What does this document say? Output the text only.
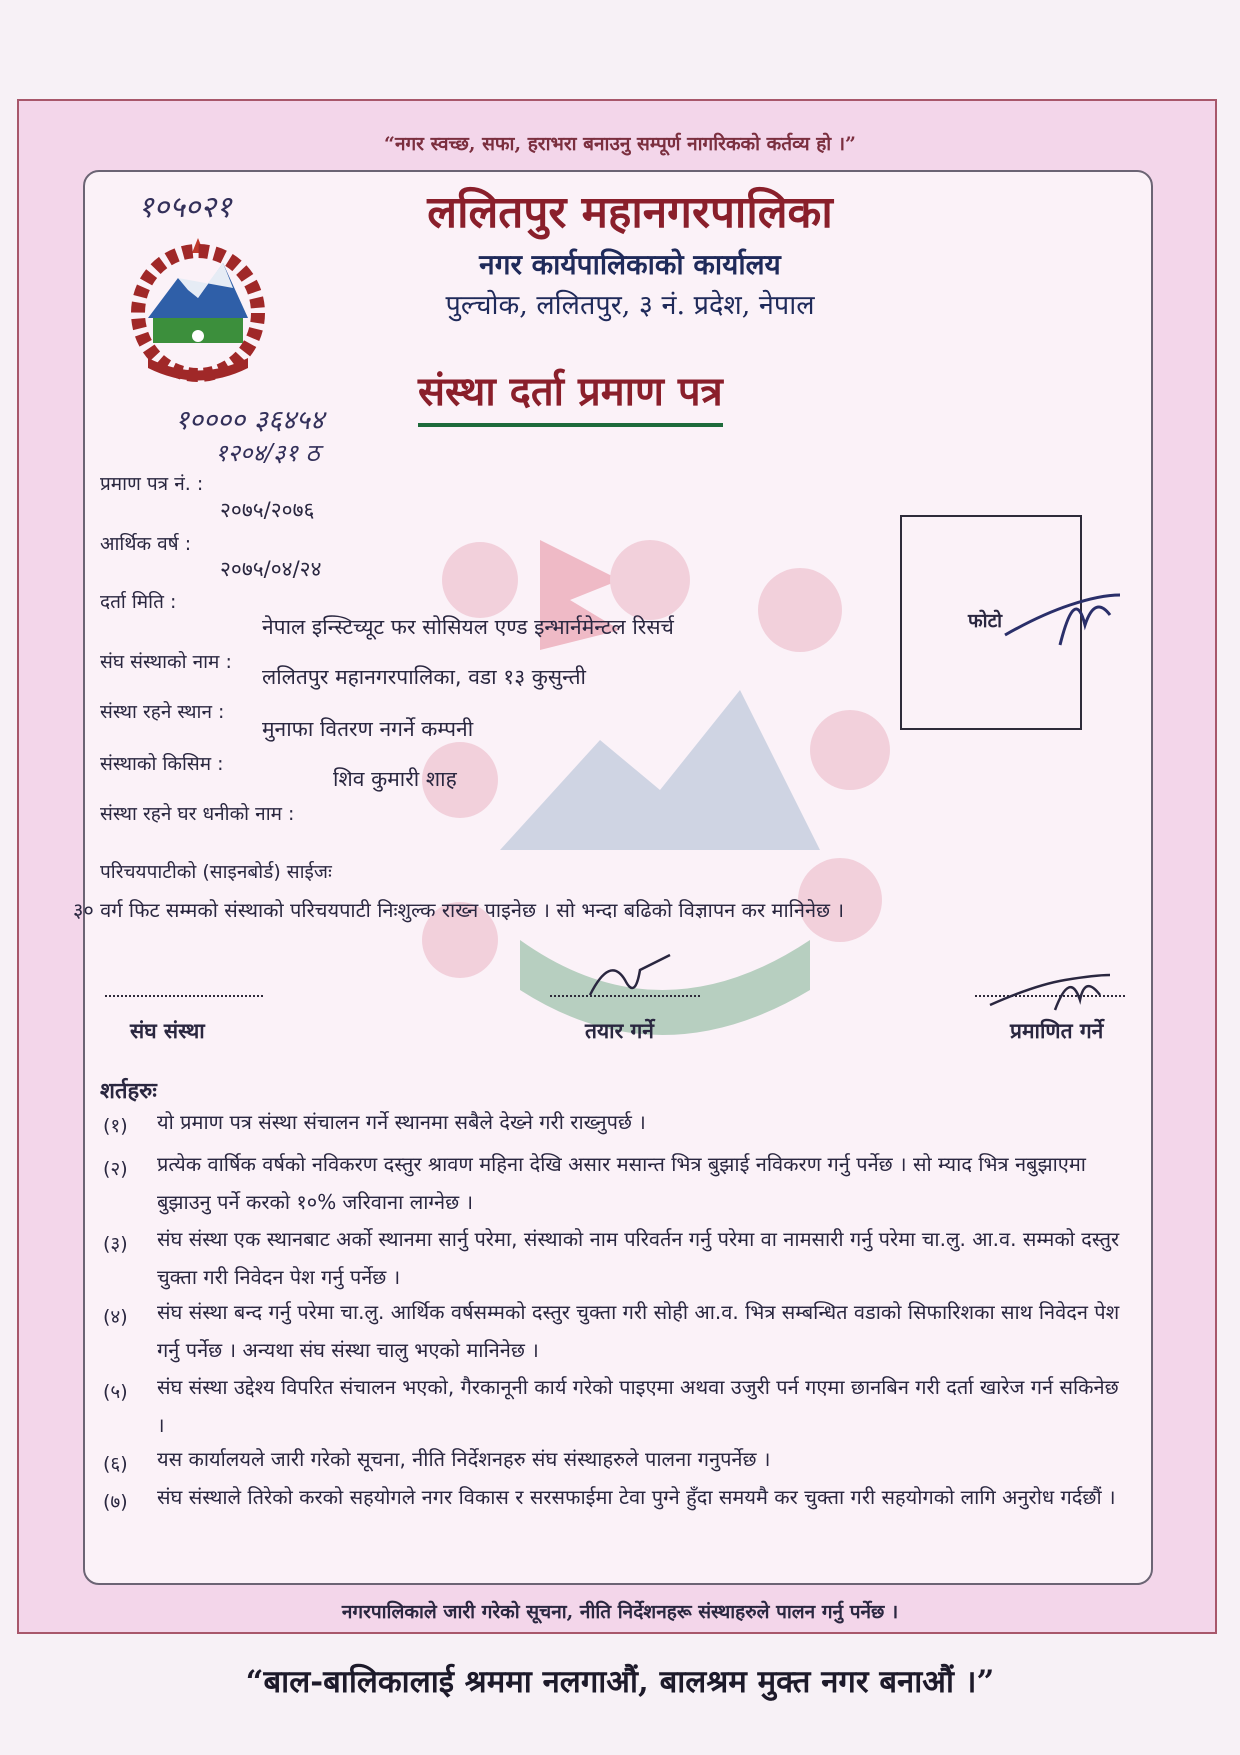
“नगर स्वच्छ, सफा, हराभरा बनाउनु सम्पूर्ण नागरिकको कर्तव्य हो ।”
१०५०२१
१०००० ३६४५४
१२०४/३१ ठ
ललितपुर महानगरपालिका
नगर कार्यपालिकाको कार्यालय
पुल्चोक, ललितपुर, ३ नं. प्रदेश, नेपाल
संस्था दर्ता प्रमाण पत्र
प्रमाण पत्र नं. :
आर्थिक वर्ष :
२०७५/२०७६
दर्ता मिति :
२०७५/०४/२४
संघ संस्थाको नाम :
नेपाल इन्स्टिच्यूट फर सोसियल एण्ड इन्भार्नमेन्टल रिसर्च
संस्था रहने स्थान :
ललितपुर महानगरपालिका, वडा १३ कुसुन्ती
संस्थाको किसिम :
मुनाफा वितरण नगर्ने कम्पनी
संस्था रहने घर धनीको नाम :
शिव कुमारी शाह
फोटो
परिचयपाटीको (साइनबोर्ड) साईजः
३० वर्ग फिट सम्मको संस्थाको परिचयपाटी निःशुल्क राख्न पाइनेछ । सो भन्दा बढिको विज्ञापन कर मानिनेछ ।
संघ संस्था	तयार गर्ने	प्रमाणित गर्ने
शर्तहरुः
(१)	यो प्रमाण पत्र संस्था संचालन गर्ने स्थानमा सबैले देख्ने गरी राख्नुपर्छ ।
(२)	प्रत्येक वार्षिक वर्षको नविकरण दस्तुर श्रावण महिना देखि असार मसान्त भित्र बुझाई नविकरण गर्नु पर्नेछ । सो म्याद भित्र नबुझाएमा बुझाउनु पर्ने करको १०% जरिवाना लाग्नेछ ।
(३)	संघ संस्था एक स्थानबाट अर्को स्थानमा सार्नु परेमा, संस्थाको नाम परिवर्तन गर्नु परेमा वा नामसारी गर्नु परेमा चा.लु. आ.व. सम्मको दस्तुर चुक्ता गरी निवेदन पेश गर्नु पर्नेछ ।
(४)	संघ संस्था बन्द गर्नु परेमा चा.लु. आर्थिक वर्षसम्मको दस्तुर चुक्ता गरी सोही आ.व. भित्र सम्बन्धित वडाको सिफारिशका साथ निवेदन पेश गर्नु पर्नेछ । अन्यथा संघ संस्था चालु भएको मानिनेछ ।
(५)	संघ संस्था उद्देश्य विपरित संचालन भएको, गैरकानूनी कार्य गरेको पाइएमा अथवा उजुरी पर्न गएमा छानबिन गरी दर्ता खारेज गर्न सकिनेछ ।
(६)	यस कार्यालयले जारी गरेको सूचना, नीति निर्देशनहरु संघ संस्थाहरुले पालना गनुपर्नेछ ।
(७)	संघ संस्थाले तिरेको करको सहयोगले नगर विकास र सरसफाईमा टेवा पुग्ने हुँदा समयमै कर चुक्ता गरी सहयोगको लागि अनुरोध गर्दछौं ।
नगरपालिकाले जारी गरेको सूचना, नीति निर्देशनहरू संस्थाहरुले पालन गर्नु पर्नेछ ।
“बाल-बालिकालाई श्रममा नलगाऔं, बालश्रम मुक्त नगर बनाऔं ।”
